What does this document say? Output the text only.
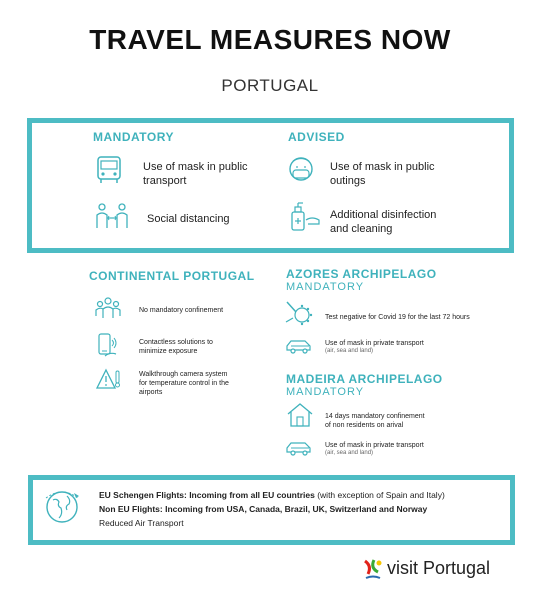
TRAVEL MEASURES NOW
PORTUGAL
MANDATORY	ADVISED
Use of mask in public transport
Social distancing
Use of mask in public outings
Additional disinfection and cleaning
CONTINENTAL PORTUGAL
No mandatory confinement
Contactless solutions to minimize exposure
Walkthrough camera system for temperature control in the airports
AZORES ARCHIPELAGO
MANDATORY
Test negative for Covid 19 for the last 72 hours
Use of mask in private transport
(air, sea and land)
MADEIRA ARCHIPELAGO
MANDATORY
14 days mandatory confinement of non residents on arival
Use of mask in private transport
(air, sea and land)
EU Schengen Flights: Incoming from all EU countries (with exception of Spain and Italy)
Non EU Flights: Incoming from USA, Canada, Brazil, UK, Switzerland and Norway
Reduced Air Transport
visit Portugal
